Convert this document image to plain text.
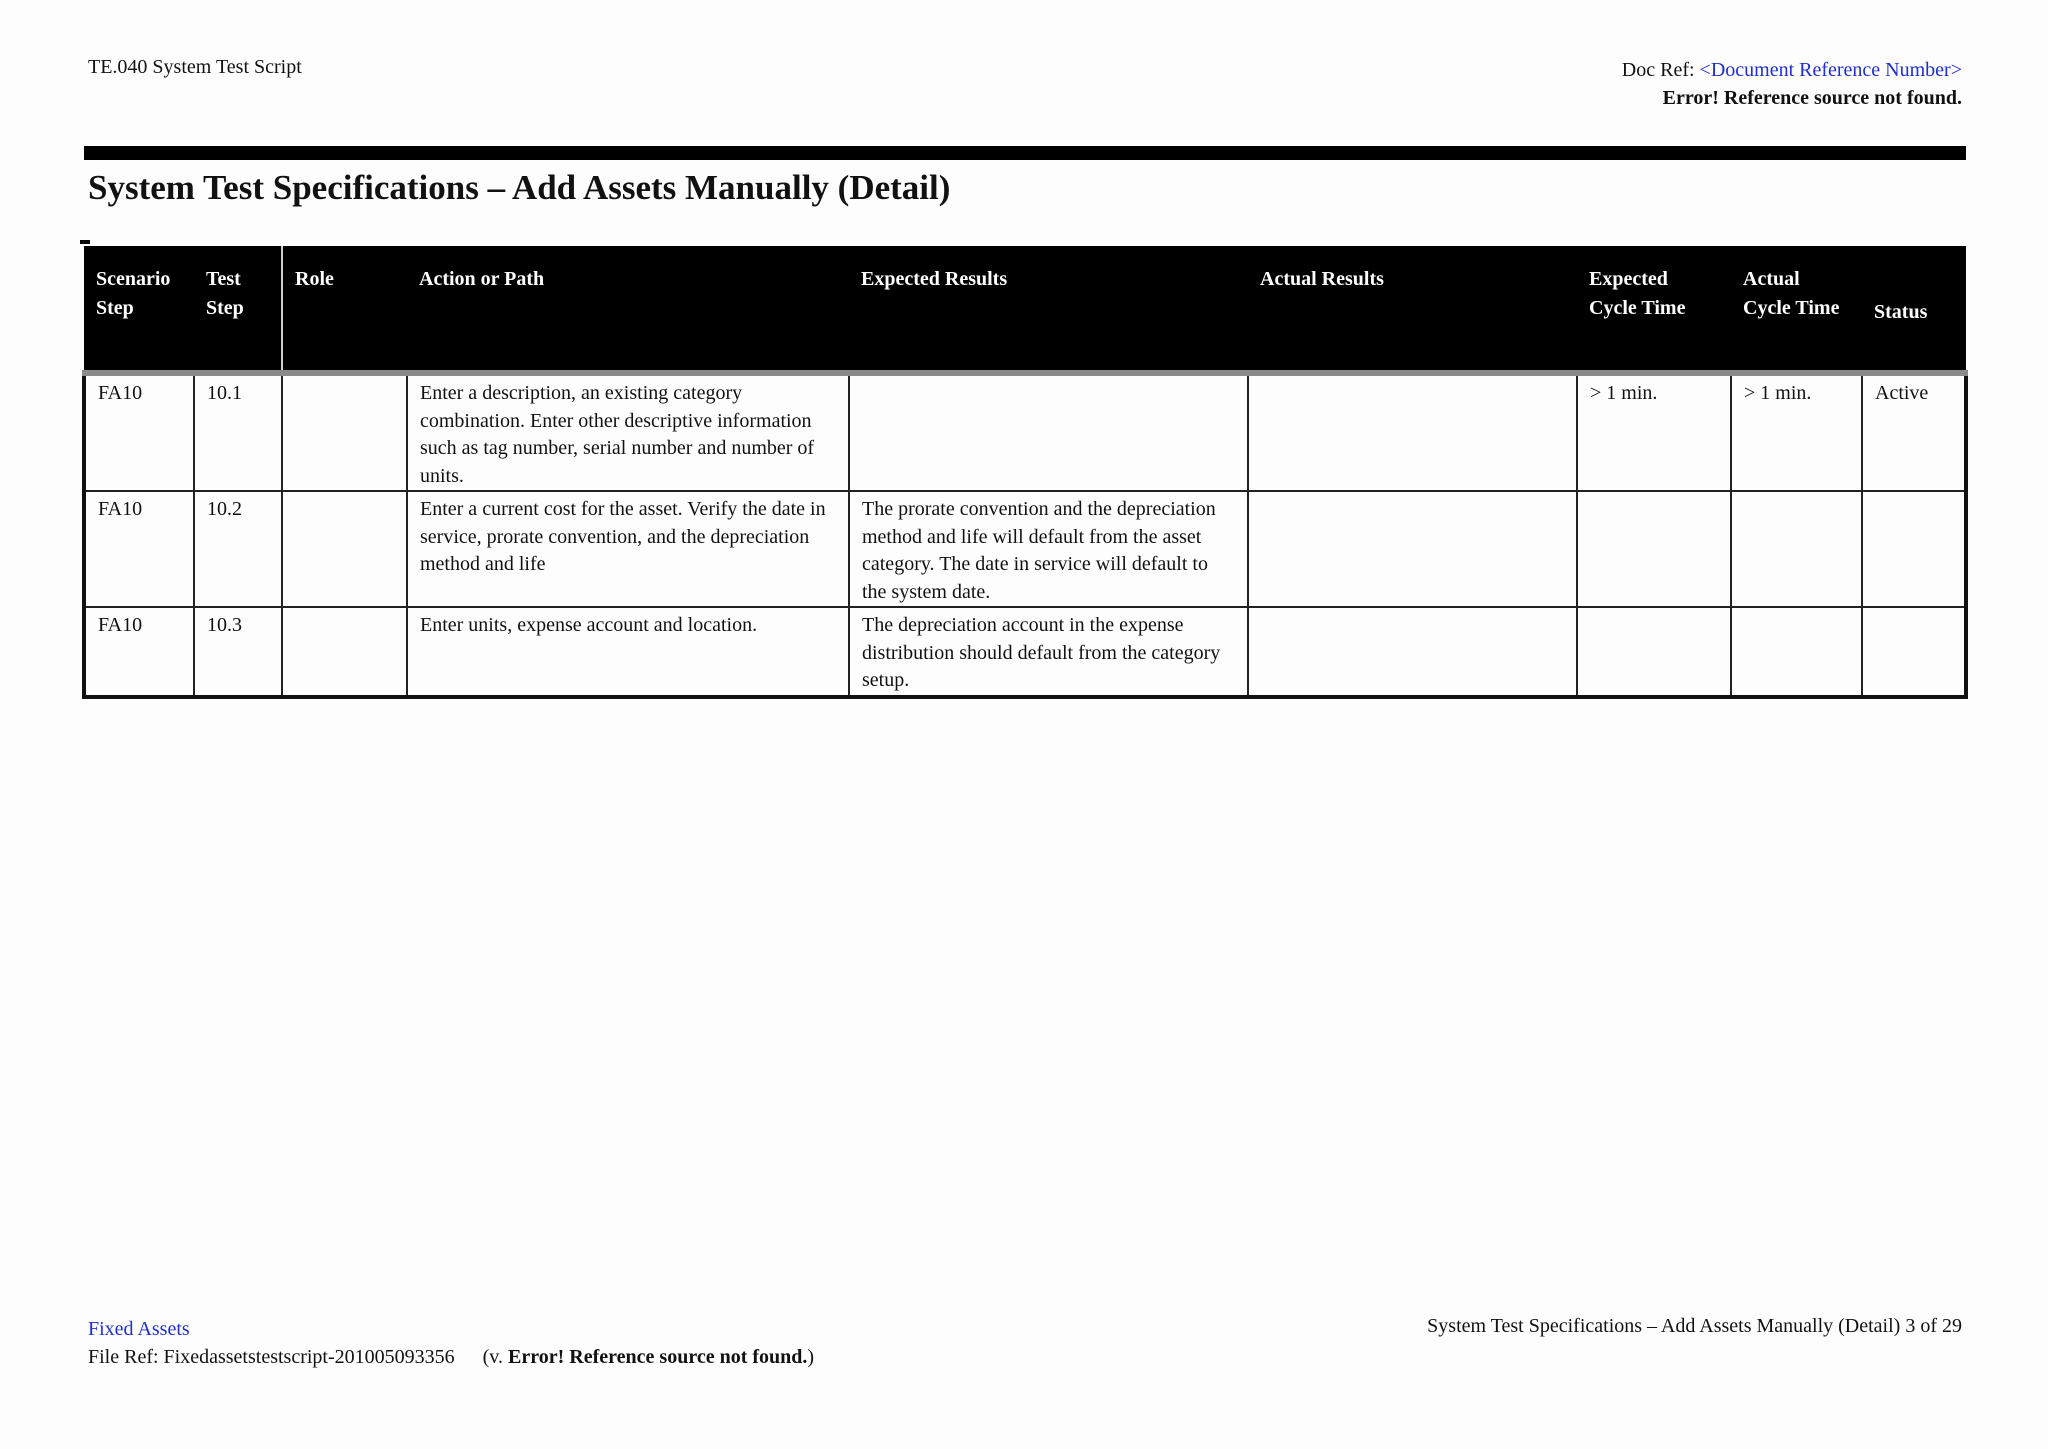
TE.040 System Test Script	Doc Ref: <Document Reference Number>
Error! Reference source not found.
System Test Specifications – Add Assets Manually (Detail)
Scenario Step	Test Step	Role	Action or Path	Expected Results	Actual Results	Expected Cycle Time	Actual Cycle Time	Status
FA10	10.1		Enter a description, an existing category combination. Enter other descriptive information such as tag number, serial number and number of units.			> 1 min.	> 1 min.	Active
FA10	10.2		Enter a current cost for the asset. Verify the date in service, prorate convention, and the depreciation method and life	The prorate convention and the depreciation method and life will default from the asset category. The date in service will default to the system date.				
FA10	10.3		Enter units, expense account and location.	The depreciation account in the expense distribution should default from the category setup.				
Fixed Assets
File Ref: Fixedassetstestscript-201005093356 (v. Error! Reference source not found.)
System Test Specifications – Add Assets Manually (Detail) 3 of 29
